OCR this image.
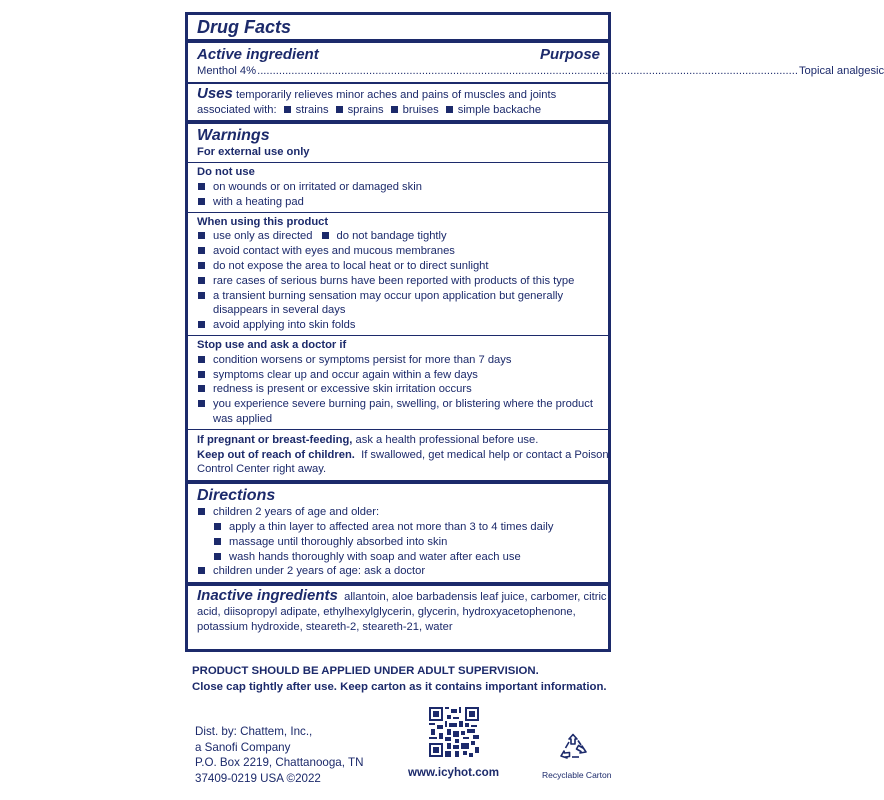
Drug Facts
Active ingredient	Purpose
Menthol 4% .............................................................................................................................................................................. Topical analgesic
Uses temporarily relieves minor aches and pains of muscles and joints
associated with: strains sprains bruises simple backache
Warnings
For external use only
Do not use
on wounds or on irritated or damaged skin
with a heating pad
When using this product
use only as directed do not bandage tightly
avoid contact with eyes and mucous membranes
do not expose the area to local heat or to direct sunlight
rare cases of serious burns have been reported with products of this type
a transient burning sensation may occur upon application but generally
disappears in several days
avoid applying into skin folds
Stop use and ask a doctor if
condition worsens or symptoms persist for more than 7 days
symptoms clear up and occur again within a few days
redness is present or excessive skin irritation occurs
you experience severe burning pain, swelling, or blistering where the product
was applied
If pregnant or breast-feeding, ask a health professional before use.
Keep out of reach of children. If swallowed, get medical help or contact a Poison
Control Center right away.
Directions
children 2 years of age and older:
apply a thin layer to affected area not more than 3 to 4 times daily
massage until thoroughly absorbed into skin
wash hands thoroughly with soap and water after each use
children under 2 years of age: ask a doctor
Inactive ingredients allantoin, aloe barbadensis leaf juice, carbomer, citric
acid, diisopropyl adipate, ethylhexylglycerin, glycerin, hydroxyacetophenone,
potassium hydroxide, steareth-2, steareth-21, water
PRODUCT SHOULD BE APPLIED UNDER ADULT SUPERVISION.
Close cap tightly after use. Keep carton as it contains important information.
Dist. by: Chattem, Inc.,
a Sanofi Company
P.O. Box 2219, Chattanooga, TN
37409-0219 USA ©2022	www.icyhot.com	Recyclable Carton
